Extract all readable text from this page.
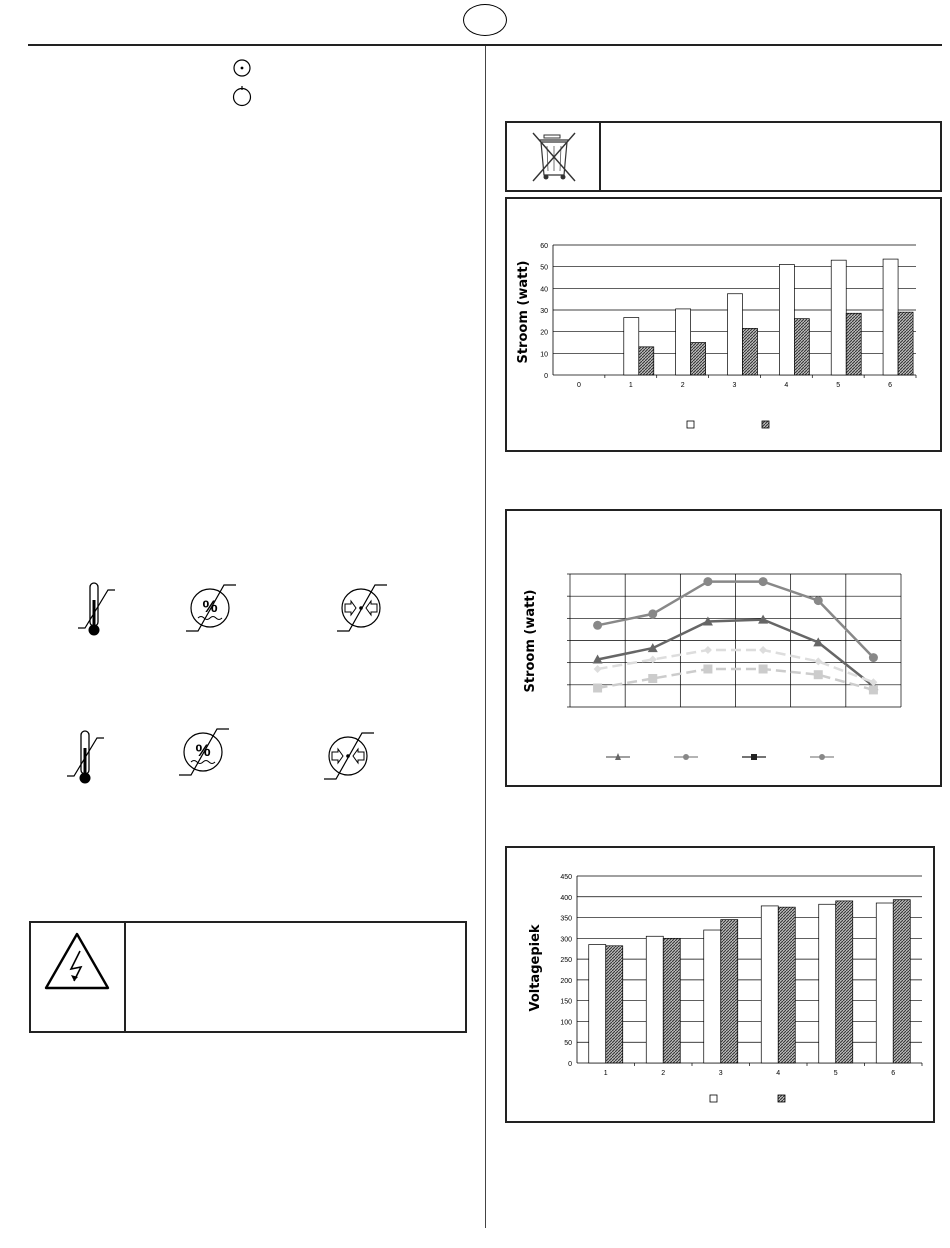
%
%
0
10
20
30
40
50
60
0	1	2	3	4	5	6
Stroom (watt)
Stroom (watt)
0
50
100
150
200
250
300
350
400
450
1	2	3	4	5	6
Voltagepiek
